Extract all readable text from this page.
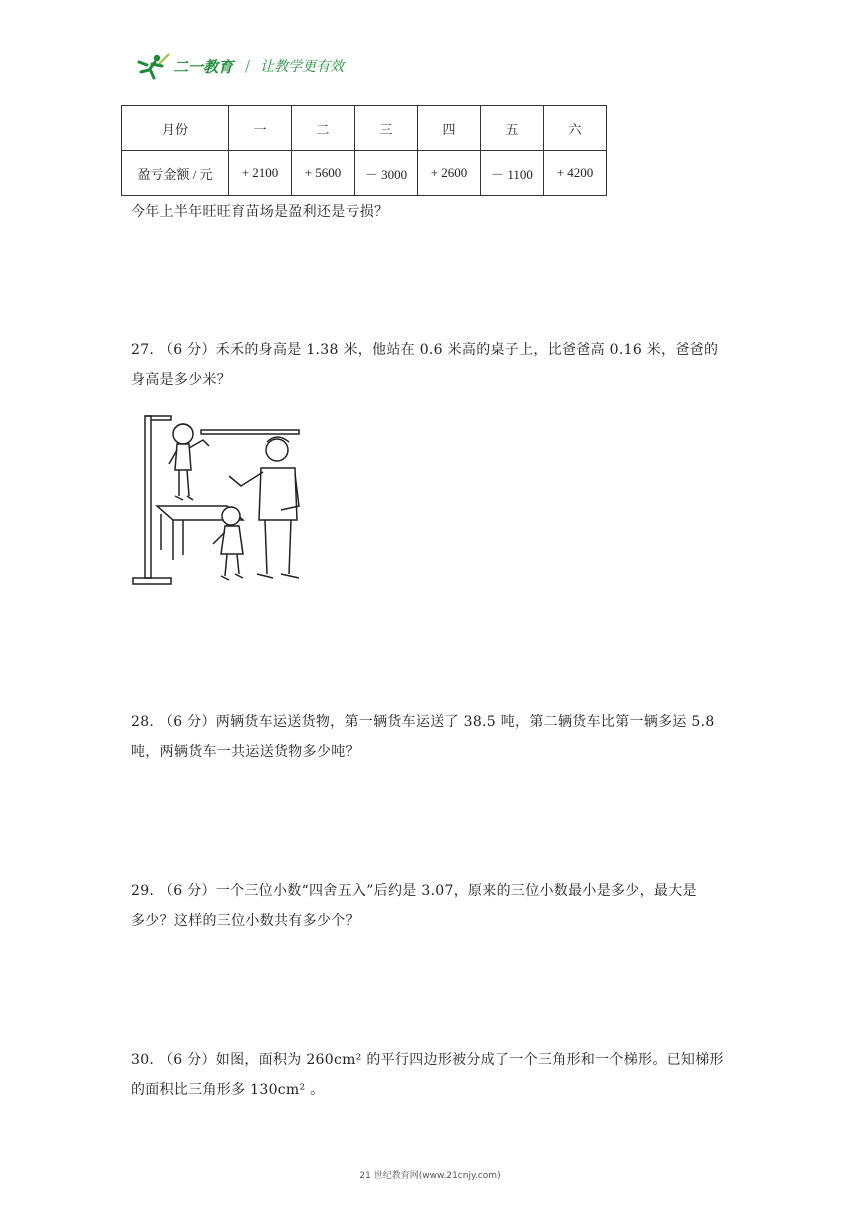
二一教育 / 让教学更有效
月份	一	二	三	四	五	六
盈亏金额 / 元	+ 2100	+ 5600	－ 3000	+ 2600	－ 1100	+ 4200
今年上半年旺旺育苗场是盈利还是亏损？
27. （6 分）禾禾的身高是 1.38 米，他站在 0.6 米高的桌子上，比爸爸高 0.16 米，爸爸的
身高是多少米？
28. （6 分）两辆货车运送货物，第一辆货车运送了 38.5 吨，第二辆货车比第一辆多运 5.8
吨，两辆货车一共运送货物多少吨？
29. （6 分）一个三位小数“四舍五入”后约是 3.07，原来的三位小数最小是多少，最大是
多少？这样的三位小数共有多少个？
30. （6 分）如图，面积为 260cm² 的平行四边形被分成了一个三角形和一个梯形。已知梯形
的面积比三角形多 130cm² 。
21 世纪教育网(www.21cnjy.com)
